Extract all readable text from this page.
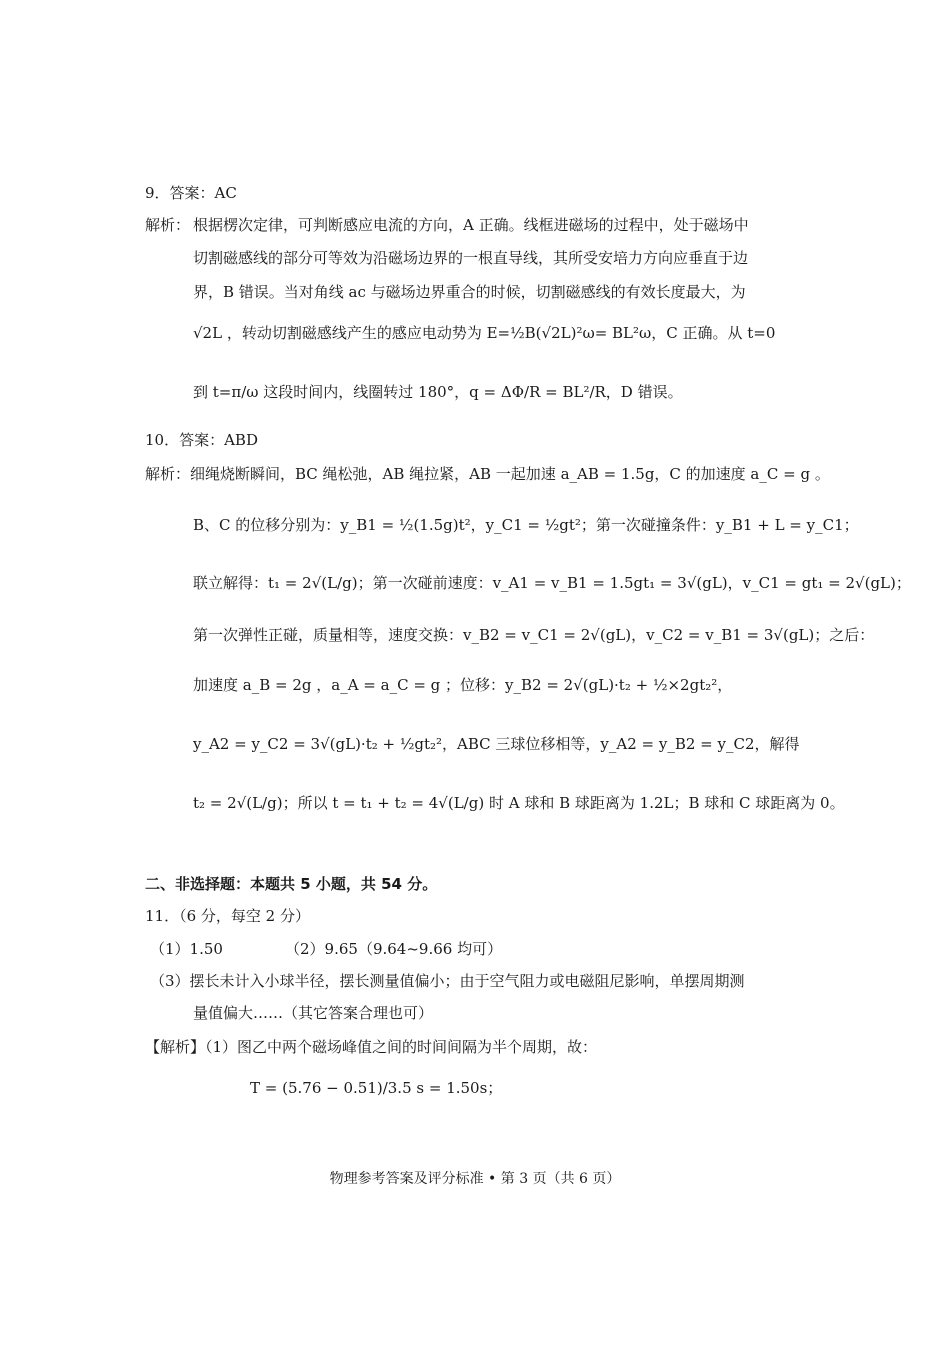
9．答案：AC
解析： 根据楞次定律，可判断感应电流的方向，A 正确。线框进磁场的过程中，处于磁场中
切割磁感线的部分可等效为沿磁场边界的一根直导线，其所受安培力方向应垂直于边
界，B 错误。当对角线 ac 与磁场边界重合的时候，切割磁感线的有效长度最大，为
√2L ，转动切割磁感线产生的感应电动势为 E=½B(√2L)²ω= BL²ω，C 正确。从 t=0
到 t=π/ω 这段时间内，线圈转过 180°，q = ΔΦ/R = BL²/R，D 错误。
10．答案：ABD
解析：细绳烧断瞬间，BC 绳松弛，AB 绳拉紧，AB 一起加速 a_AB = 1.5g，C 的加速度 a_C = g 。
B、C 的位移分别为：y_B1 = ½(1.5g)t²，y_C1 = ½gt²；第一次碰撞条件：y_B1 + L = y_C1；
联立解得：t₁ = 2√(L/g)；第一次碰前速度：v_A1 = v_B1 = 1.5gt₁ = 3√(gL)，v_C1 = gt₁ = 2√(gL)；
第一次弹性正碰，质量相等，速度交换：v_B2 = v_C1 = 2√(gL)，v_C2 = v_B1 = 3√(gL)；之后：
加速度 a_B = 2g ，a_A = a_C = g ；位移：y_B2 = 2√(gL)·t₂ + ½×2gt₂²，
y_A2 = y_C2 = 3√(gL)·t₂ + ½gt₂²，ABC 三球位移相等，y_A2 = y_B2 = y_C2，解得
t₂ = 2√(L/g)；所以 t = t₁ + t₂ = 4√(L/g) 时 A 球和 B 球距离为 1.2L；B 球和 C 球距离为 0。
二、非选择题：本题共 5 小题，共 54 分。
11．（6 分，每空 2 分）
（1）1.50	（2）9.65（9.64~9.66 均可）
（3）摆长未计入小球半径，摆长测量值偏小；由于空气阻力或电磁阻尼影响，单摆周期测
量值偏大……（其它答案合理也可）
【解析】（1）图乙中两个磁场峰值之间的时间间隔为半个周期，故：
T = (5.76 − 0.51)/3.5 s = 1.50s；
物理参考答案及评分标准 • 第 3 页（共 6 页）
